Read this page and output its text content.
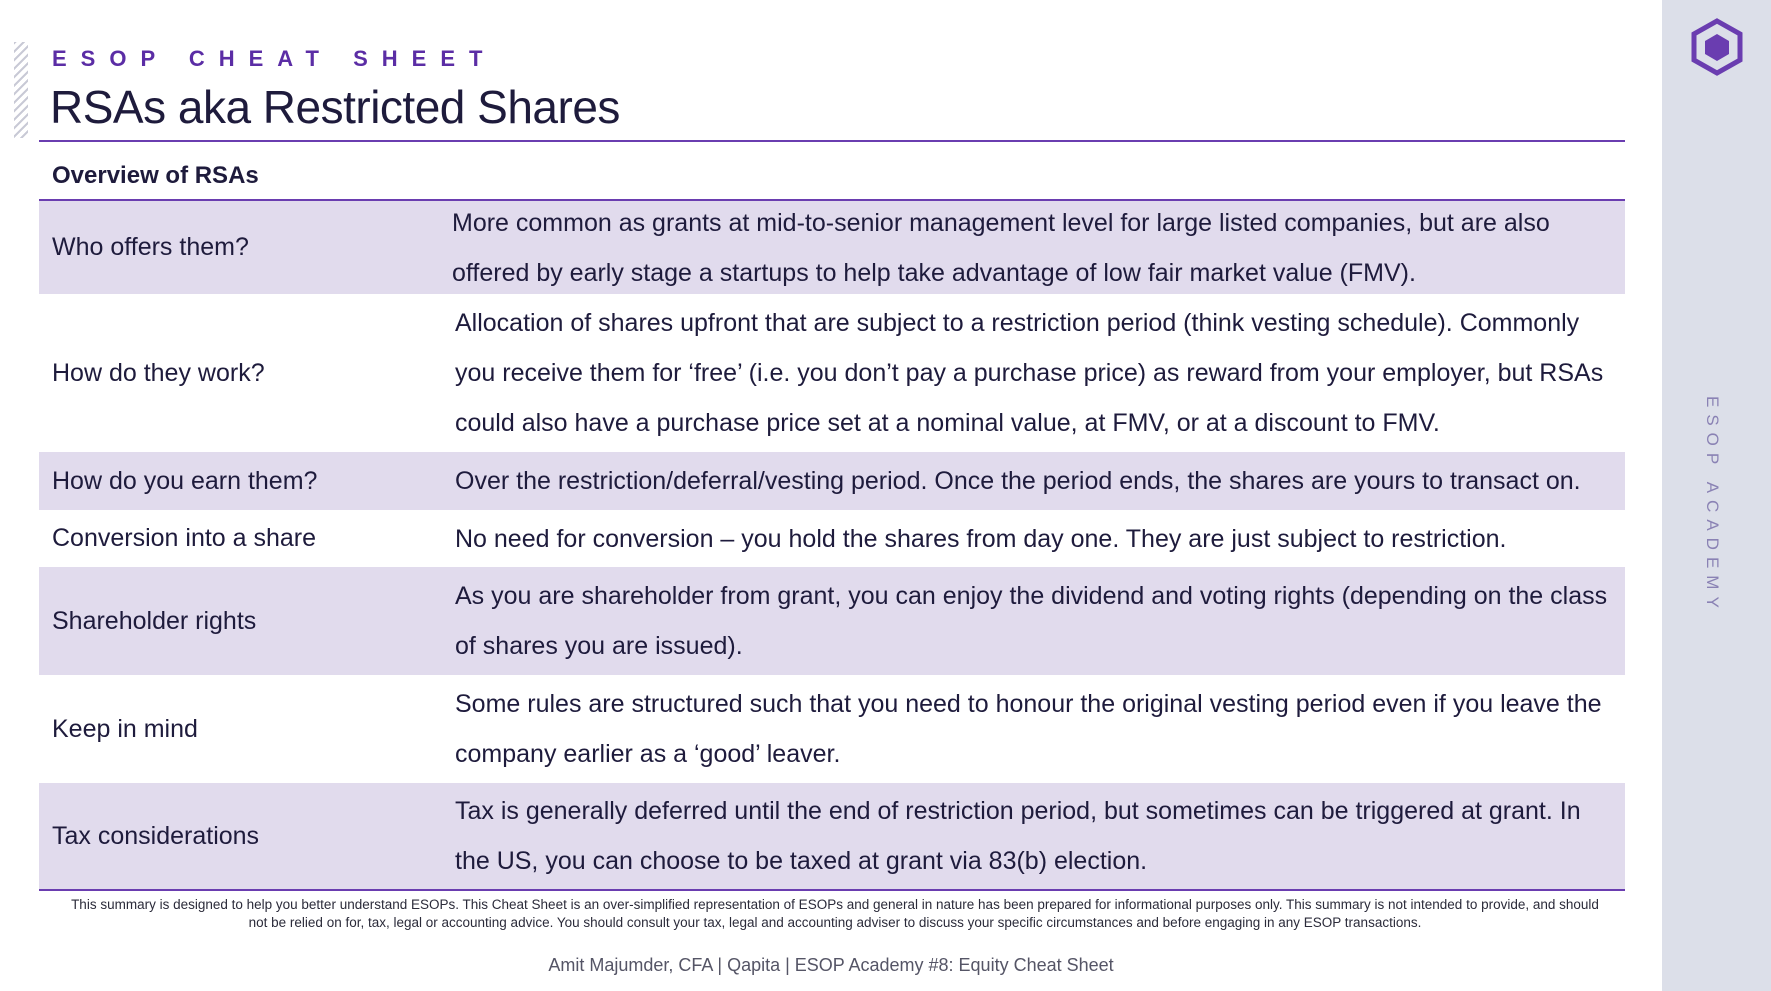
ESOP CHEAT SHEET
RSAs aka Restricted Shares
Overview of RSAs
Who offers them?
More common as grants at mid-to-senior management level for large listed companies, but are also offered by early stage a startups to help take advantage of low fair market value (FMV).
How do they work?
Allocation of shares upfront that are subject to a restriction period (think vesting schedule). Commonly you receive them for ‘free’ (i.e. you don’t pay a purchase price) as reward from your employer, but RSAs could also have a purchase price set at a nominal value, at FMV, or at a discount to FMV.
How do you earn them?	Over the restriction/deferral/vesting period. Once the period ends, the shares are yours to transact on.
Conversion into a share	No need for conversion – you hold the shares from day one. They are just subject to restriction.
Shareholder rights
As you are shareholder from grant, you can enjoy the dividend and voting rights (depending on the class of shares you are issued).
Keep in mind
Some rules are structured such that you need to honour the original vesting period even if you leave the company earlier as a ‘good’ leaver.
Tax considerations
Tax is generally deferred until the end of restriction period, but sometimes can be triggered at grant. In the US, you can choose to be taxed at grant via 83(b) election.

This summary is designed to help you better understand ESOPs. This Cheat Sheet is an over-simplified representation of ESOPs and general in nature has been prepared for informational purposes only. This summary is not intended to provide, and should not be relied on for, tax, legal or accounting advice. You should consult your tax, legal and accounting adviser to discuss your specific circumstances and before engaging in any ESOP transactions.

Amit Majumder, CFA | Qapita | ESOP Academy #8: Equity Cheat Sheet

ESOP ACADEMY
